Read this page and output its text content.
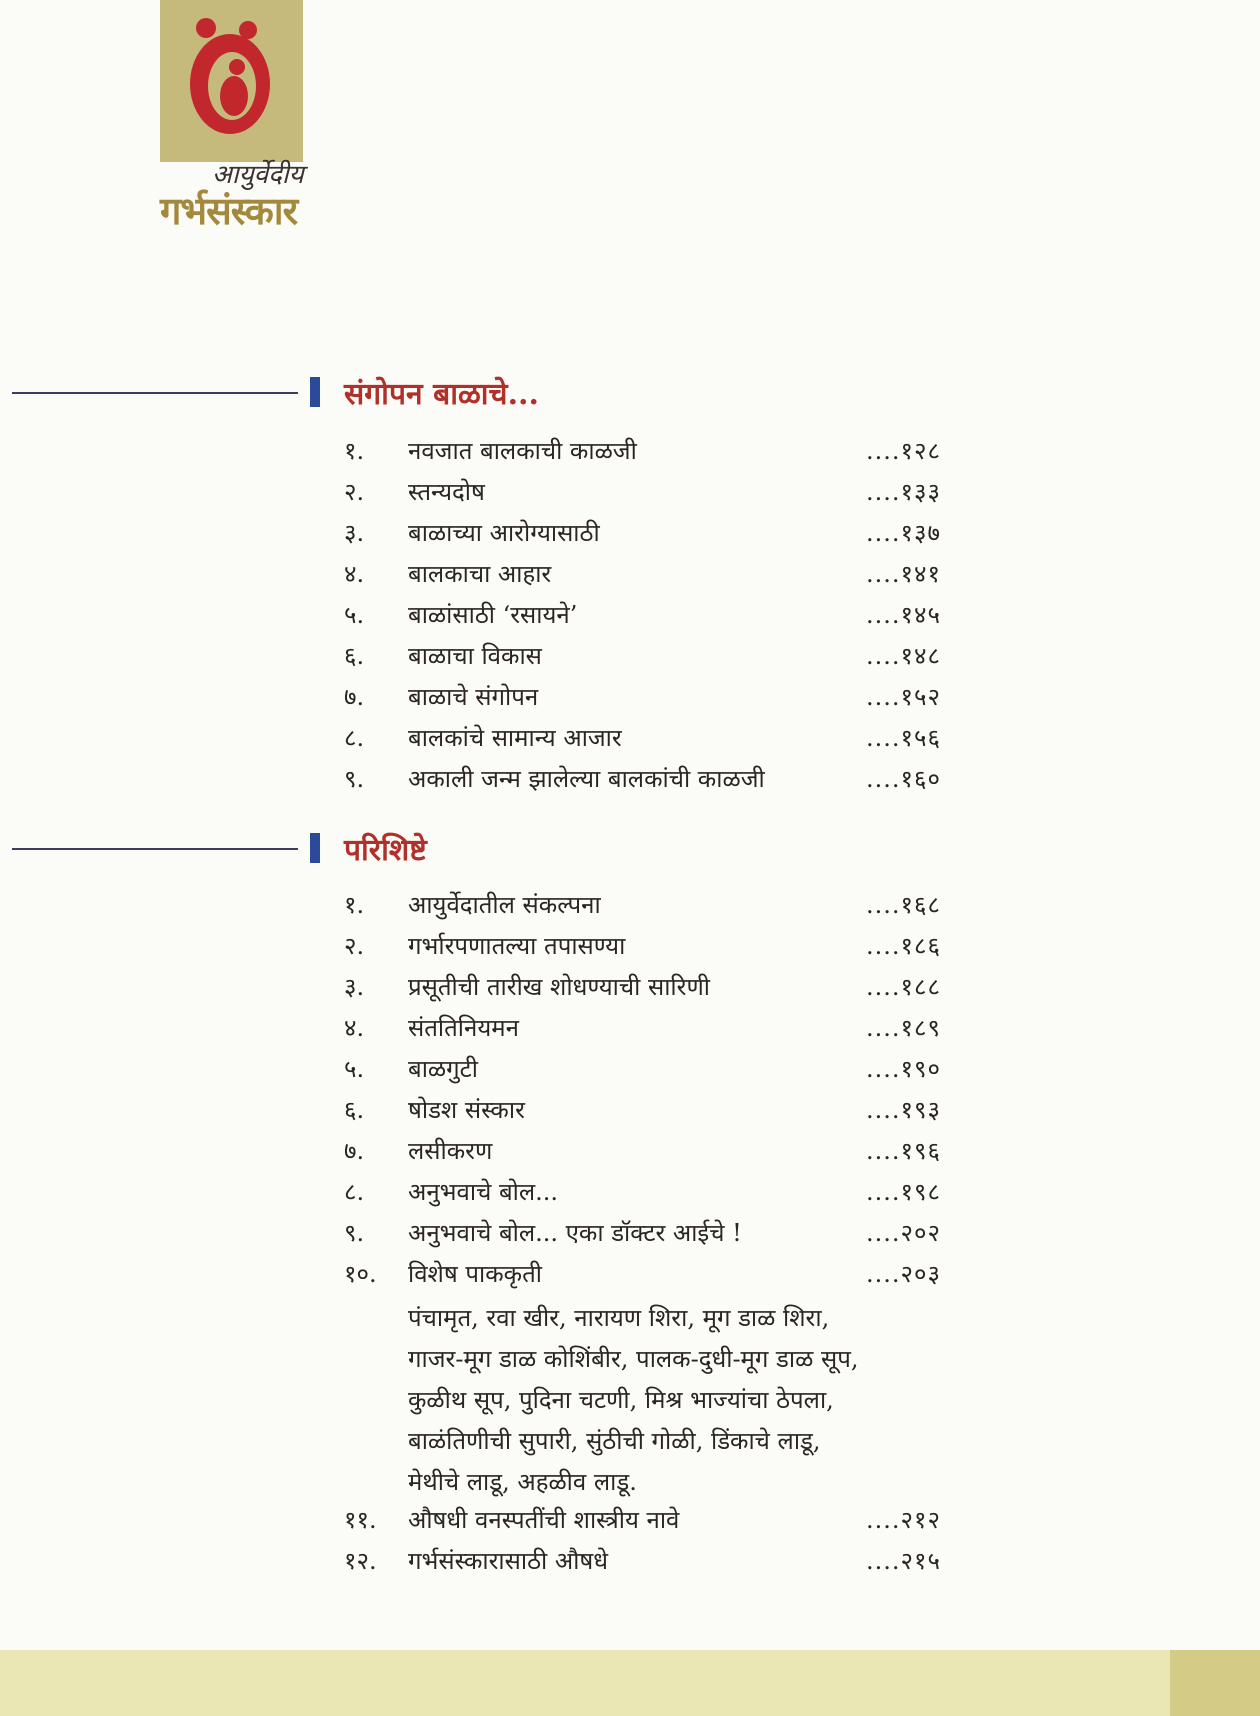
आयुर्वेदीय
गर्भसंस्कार
संगोपन बाळाचे...
१. नवजात बालकाची काळजी	....१२८
२. स्तन्यदोष	....१३३
३. बाळाच्या आरोग्यासाठी	....१३७
४. बालकाचा आहार	....१४१
५. बाळांसाठी ‘रसायने’	....१४५
६. बाळाचा विकास	....१४८
७. बाळाचे संगोपन	....१५२
८. बालकांचे सामान्य आजार	....१५६
९. अकाली जन्म झालेल्या बालकांची काळजी	....१६०
परिशिष्टे
१. आयुर्वेदातील संकल्पना	....१६८
२. गर्भारपणातल्या तपासण्या	....१८६
३. प्रसूतीची तारीख शोधण्याची सारिणी	....१८८
४. संततिनियमन	....१८९
५. बाळगुटी	....१९०
६. षोडश संस्कार	....१९३
७. लसीकरण	....१९६
८. अनुभवाचे बोल...	....१९८
९. अनुभवाचे बोल... एका डॉक्टर आईचे !	....२०२
१०. विशेष पाककृती	....२०३
११. औषधी वनस्पतींची शास्त्रीय नावे	....२१२
१२. गर्भसंस्कारासाठी औषधे	....२१५
पंचामृत, रवा खीर, नारायण शिरा, मूग डाळ शिरा,
गाजर-मूग डाळ कोशिंबीर, पालक-दुधी-मूग डाळ सूप,
कुळीथ सूप, पुदिना चटणी, मिश्र भाज्यांचा ठेपला,
बाळंतिणीची सुपारी, सुंठीची गोळी, डिंकाचे लाडू,
मेथीचे लाडू, अहळीव लाडू.
